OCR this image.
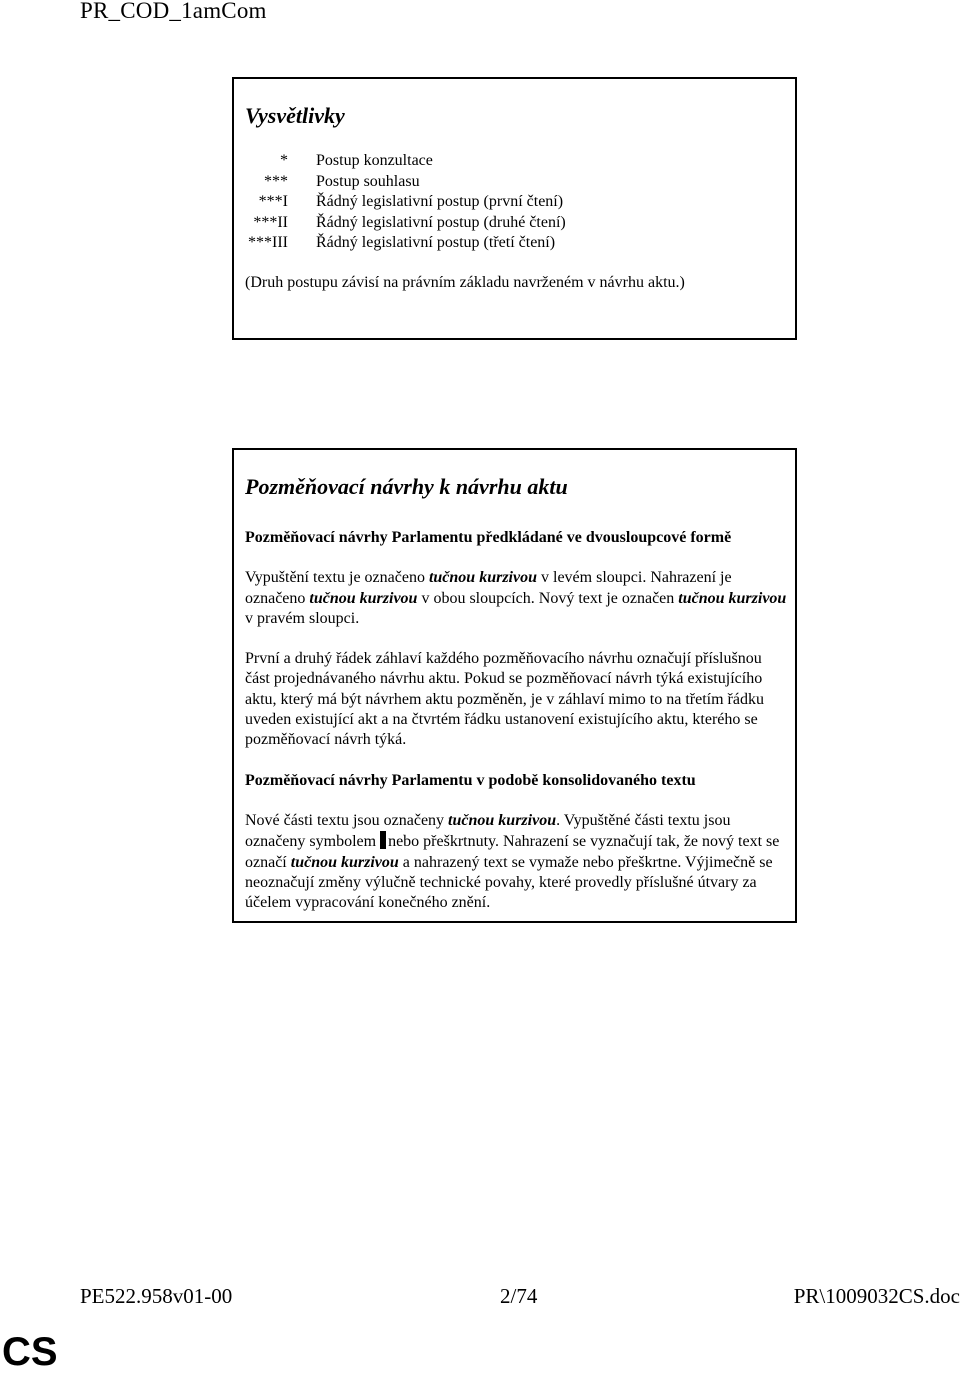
PR_COD_1amCom
Vysvětlivky
* Postup konzultace
*** Postup souhlasu
***I Řádný legislativní postup (první čtení)
***II Řádný legislativní postup (druhé čtení)
***III Řádný legislativní postup (třetí čtení)
(Druh postupu závisí na právním základu navrženém v návrhu aktu.)
Pozměňovací návrhy k návrhu aktu

Pozměňovací návrhy Parlamentu předkládané ve dvousloupcové formě

Vypuštění textu je označeno tučnou kurzivou v levém sloupci. Nahrazení je označeno tučnou kurzivou v obou sloupcích. Nový text je označen tučnou kurzivou v pravém sloupci.

První a druhý řádek záhlaví každého pozměňovacího návrhu označují příslušnou část projednávaného návrhu aktu. Pokud se pozměňovací návrh týká existujícího aktu, který má být návrhem aktu pozměněn, je v záhlaví mimo to na třetím řádku uveden existující akt a na čtvrtém řádku ustanovení existujícího aktu, kterého se pozměňovací návrh týká.

Pozměňovací návrhy Parlamentu v podobě konsolidovaného textu

Nové části textu jsou označeny tučnou kurzivou. Vypuštěné části textu jsou označeny symbolem nebo přeškrtnuty. Nahrazení se vyznačují tak, že nový text se označí tučnou kurzivou a nahrazený text se vymaže nebo přeškrtne. Výjimečně se neoznačují změny výlučně technické povahy, které provedly příslušné útvary za účelem vypracování konečného znění.

PE522.958v01-00	2/74	PR\1009032CS.doc
CS
